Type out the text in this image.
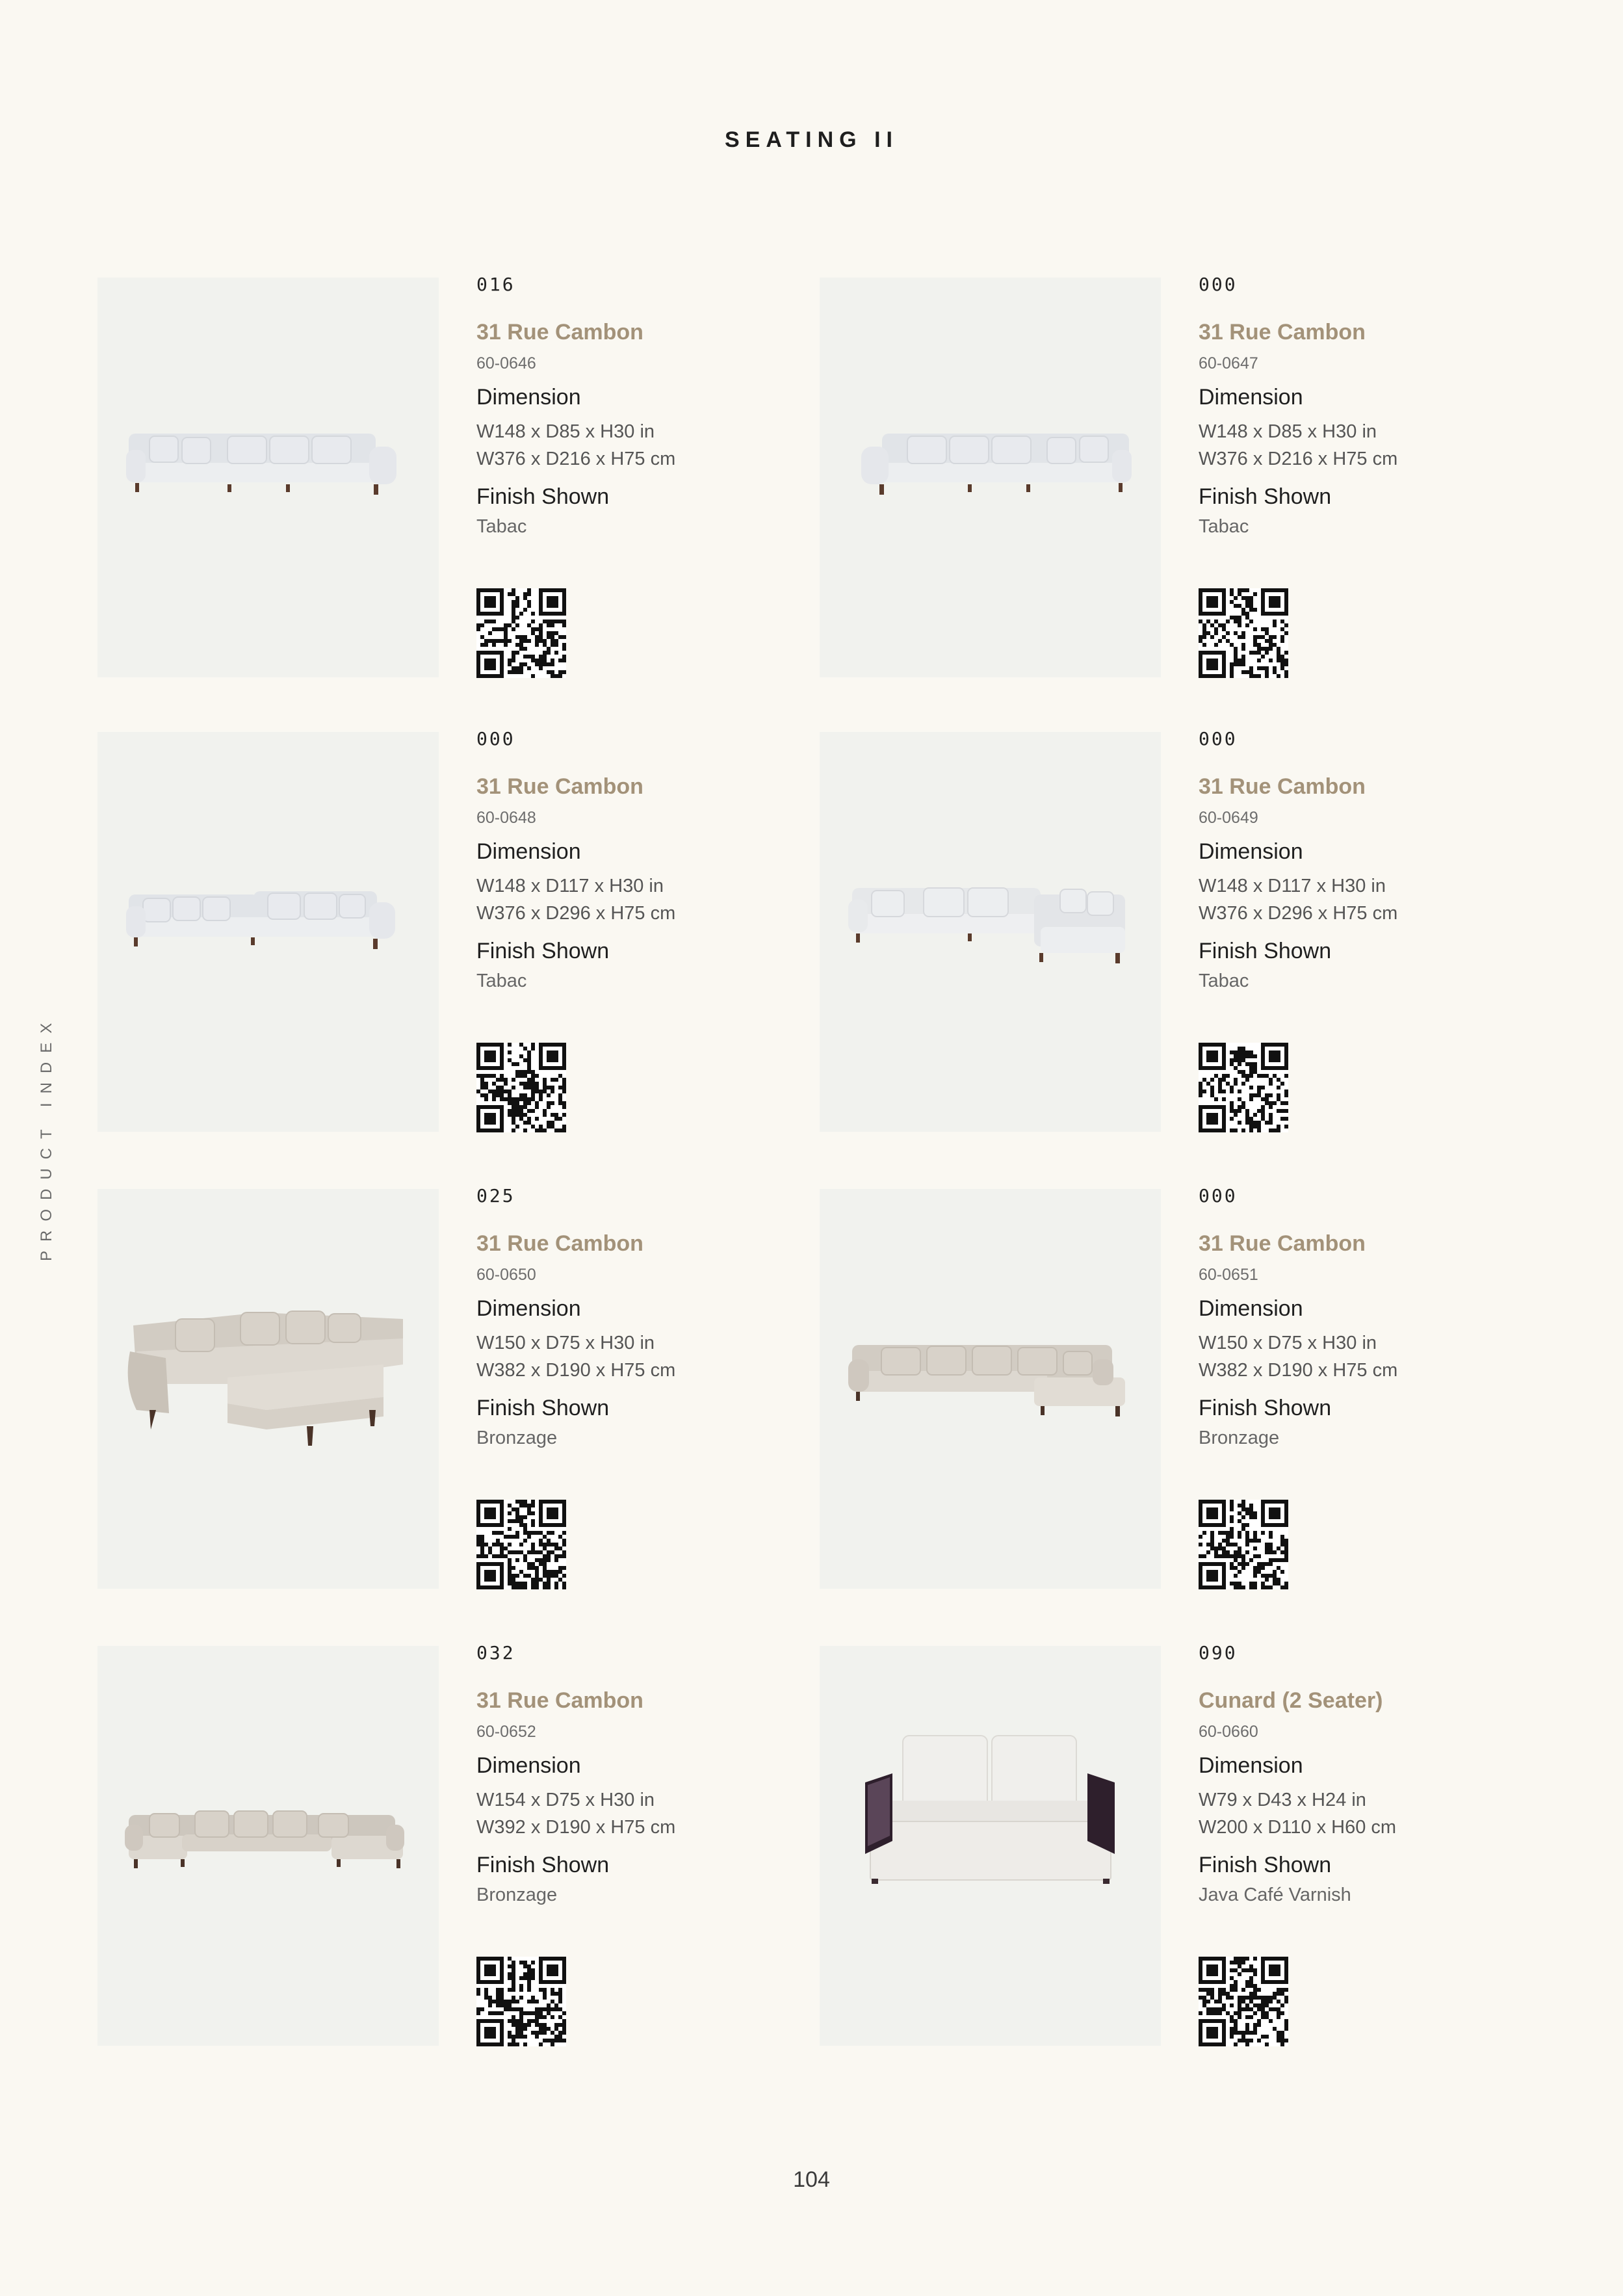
SEATING II
PRODUCT INDEX
016
31 Rue Cambon
60-0646
Dimension
W148 x D85 x H30 in
W376 x D216 x H75 cm
Finish Shown
Tabac
000
31 Rue Cambon
60-0647
Dimension
W148 x D85 x H30 in
W376 x D216 x H75 cm
Finish Shown
Tabac
000
31 Rue Cambon
60-0648
Dimension
W148 x D117 x H30 in
W376 x D296 x H75 cm
Finish Shown
Tabac
000
31 Rue Cambon
60-0649
Dimension
W148 x D117 x H30 in
W376 x D296 x H75 cm
Finish Shown
Tabac
025
31 Rue Cambon
60-0650
Dimension
W150 x D75 x H30 in
W382 x D190 x H75 cm
Finish Shown
Bronzage
000
31 Rue Cambon
60-0651
Dimension
W150 x D75 x H30 in
W382 x D190 x H75 cm
Finish Shown
Bronzage
032
31 Rue Cambon
60-0652
Dimension
W154 x D75 x H30 in
W392 x D190 x H75 cm
Finish Shown
Bronzage
090
Cunard (2 Seater)
60-0660
Dimension
W79 x D43 x H24 in
W200 x D110 x H60 cm
Finish Shown
Java Café Varnish
104
